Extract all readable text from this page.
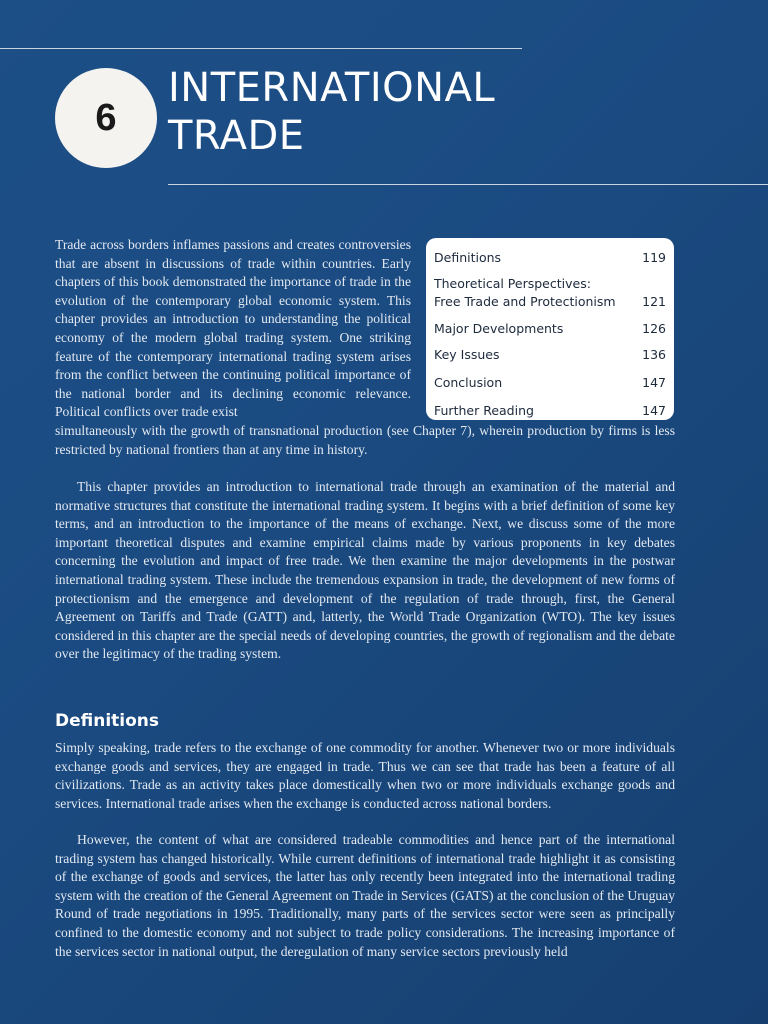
6
INTERNATIONAL
TRADE

Trade across borders inflames passions and creates controversies that are absent in discussions of trade within countries. Early chapters of this book demonstrated the importance of trade in the evolution of the contemporary global economic system. This chapter provides an introduction to understanding the political economy of the modern global trading system. One striking feature of the contemporary international trading system arises from the conflict between the continuing political importance of the national border and its declining economic relevance. Political conflicts over trade exist

Definitions	119
Theoretical Perspectives:
Free Trade and Protectionism 121
Major Developments	126
Key Issues	136
Conclusion	147
Further Reading	147

simultaneously with the growth of transnational production (see Chapter 7), wherein production by firms is less restricted by national frontiers than at any time in history.

This chapter provides an introduction to international trade through an examination of the material and normative structures that constitute the international trading system. It begins with a brief definition of some key terms, and an introduction to the importance of the means of exchange. Next, we discuss some of the more important theoretical disputes and examine empirical claims made by various proponents in key debates concerning the evolution and impact of free trade. We then examine the major developments in the postwar international trading system. These include the tremendous expansion in trade, the development of new forms of protectionism and the emergence and development of the regulation of trade through, first, the General Agreement on Tariffs and Trade (GATT) and, latterly, the World Trade Organization (WTO). The key issues considered in this chapter are the special needs of developing countries, the growth of regionalism and the debate over the legitimacy of the trading system.

Definitions

Simply speaking, trade refers to the exchange of one commodity for another. Whenever two or more individuals exchange goods and services, they are engaged in trade. Thus we can see that trade has been a feature of all civilizations. Trade as an activity takes place domestically when two or more individuals exchange goods and services. International trade arises when the exchange is conducted across national borders.

However, the content of what are considered tradeable commodities and hence part of the international trading system has changed historically. While current definitions of international trade highlight it as consisting of the exchange of goods and services, the latter has only recently been integrated into the international trading system with the creation of the General Agreement on Trade in Services (GATS) at the conclusion of the Uruguay Round of trade negotiations in 1995. Traditionally, many parts of the services sector were seen as principally confined to the domestic economy and not subject to trade policy considerations. The increasing importance of the services sector in national output, the deregulation of many service sectors previously held
